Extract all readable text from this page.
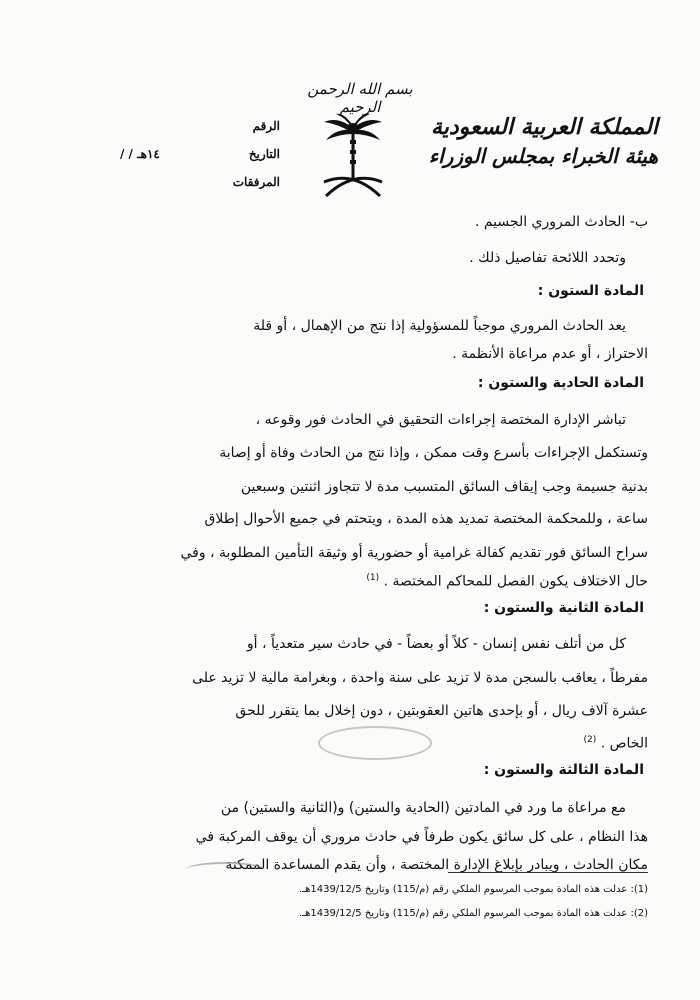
بسم الله الرحمن الرحيم
المملكة العربية السعودية
هيئة الخبراء بمجلس الوزراء
الرقم
التاريخ
/ / ١٤هـ
المرفقات
ب- الحادث المروري الجسيم .
وتحدد اللائحة تفاصيل ذلك .
المادة الستون :
يعد الحادث المروري موجباً للمسؤولية إذا نتج من الإهمال ، أو قلة
الاحتراز ، أو عدم مراعاة الأنظمة .
المادة الحادية والستون :
تباشر الإدارة المختصة إجراءات التحقيق في الحادث فور وقوعه ،
وتستكمل الإجراءات بأسرع وقت ممكن ، وإذا نتج من الحادث وفاة أو إصابة
بدنية جسيمة وجب إيقاف السائق المتسبب مدة لا تتجاوز اثنتين وسبعين
ساعة ، وللمحكمة المختصة تمديد هذه المدة ، ويتحتم في جميع الأحوال إطلاق
سراح السائق فور تقديم كفالة غرامية أو حضورية أو وثيقة التأمين المطلوبة ، وفي
حال الاختلاف يكون الفصل للمحاكم المختصة . $^{(1)}$
المادة الثانية والستون :
كل من أتلف نفس إنسان - كلاً أو بعضاً - في حادث سير متعدياً ، أو
مفرطاً ، يعاقب بالسجن مدة لا تزيد على سنة واحدة ، وبغرامة مالية لا تزيد على
عشرة آلاف ريال ، أو بإحدى هاتين العقوبتين ، دون إخلال بما يتقرر للحق
الخاص . $^{(2)}$
المادة الثالثة والستون :
مع مراعاة ما ورد في المادتين (الحادية والستين) و(الثانية والستين) من
هذا النظام ، على كل سائق يكون طرفاً في حادث مروري أن يوقف المركبة في
مكان الحادث ، ويبادر بإبلاغ الإدارة المختصة ، وأن يقدم المساعدة الممكنة
(1): عدلت هذه المادة بموجب المرسوم الملكي رقم (م/115) وتاريخ 1439/12/5هـ.
(2): عدلت هذه المادة بموجب المرسوم الملكي رقم (م/115) وتاريخ 1439/12/5هـ.
